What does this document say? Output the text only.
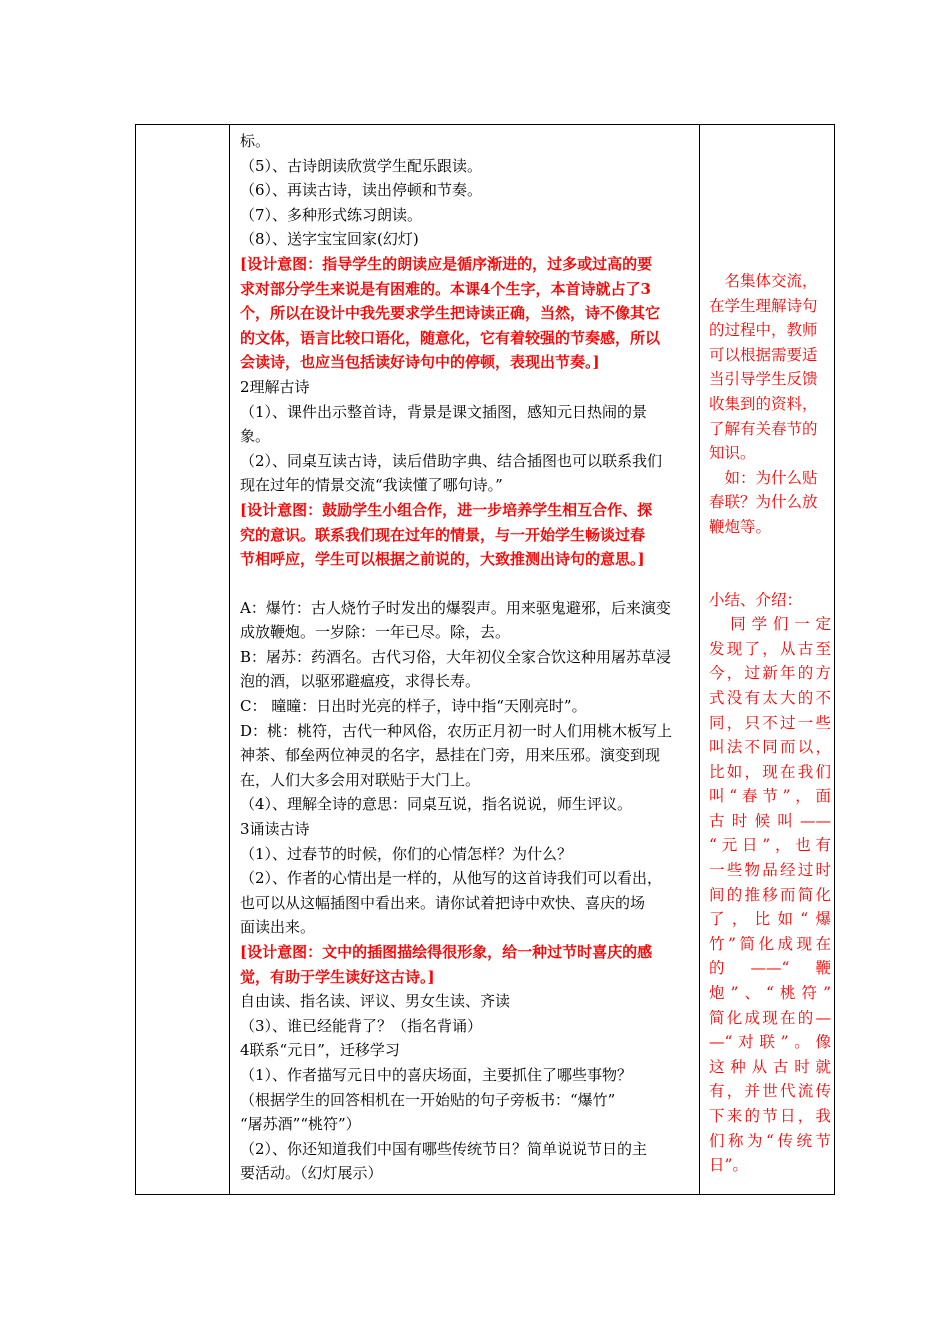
标。
（5）、古诗朗读欣赏学生配乐跟读。
（6）、再读古诗，读出停顿和节奏。
（7）、多种形式练习朗读。
（8）、送字宝宝回家(幻灯)
[设计意图：指导学生的朗读应是循序渐进的，过多或过高的要
求对部分学生来说是有困难的。本课4个生字，本首诗就占了3
个，所以在设计中我先要求学生把诗读正确，当然，诗不像其它
的文体，语言比较口语化，随意化，它有着较强的节奏感，所以
会读诗，也应当包括读好诗句中的停顿，表现出节奏。]
2理解古诗
（1）、课件出示整首诗，背景是课文插图，感知元日热闹的景
象。
（2）、同桌互读古诗，读后借助字典、结合插图也可以联系我们
现在过年的情景交流“我读懂了哪句诗。”
[设计意图：鼓励学生小组合作，进一步培养学生相互合作、探
究的意识。联系我们现在过年的情景，与一开始学生畅谈过春
节相呼应，学生可以根据之前说的，大致推测出诗句的意思。]
A：爆竹：古人烧竹子时发出的爆裂声。用来驱鬼避邪，后来演变
成放鞭炮。一岁除：一年已尽。除，去。
B：屠苏：药酒名。古代习俗，大年初仪全家合饮这种用屠苏草浸
泡的酒，以驱邪避瘟疫，求得长寿。
C： 曈曈：日出时光亮的样子，诗中指“天刚亮时”。
D：桃：桃符，古代一种风俗，农历正月初一时人们用桃木板写上
神茶、郁垒两位神灵的名字，悬挂在门旁，用来压邪。演变到现
在，人们大多会用对联贴于大门上。
（4）、理解全诗的意思：同桌互说，指名说说，师生评议。
3诵读古诗
（1）、过春节的时候，你们的心情怎样？为什么？
（2）、作者的心情出是一样的，从他写的这首诗我们可以看出，
也可以从这幅插图中看出来。请你试着把诗中欢快、喜庆的场
面读出来。
[设计意图：文中的插图描绘得很形象，给一种过节时喜庆的感
觉，有助于学生读好这古诗。]
自由读、指名读、评议、男女生读、齐读
（3）、谁已经能背了？（指名背诵）
4联系“元日”，迁移学习
（1）、作者描写元日中的喜庆场面，主要抓住了哪些事物？
（根据学生的回答相机在一开始贴的句子旁板书：“爆竹”
“屠苏酒”“桃符”）
（2）、你还知道我们中国有哪些传统节日？简单说说节日的主
要活动。（幻灯展示）
　名集体交流，
在学生理解诗句
的过程中，教师
可以根据需要适
当引导学生反馈
收集到的资料，
了解有关春节的
知识。
　如：为什么贴
春联？为什么放
鞭炮等。
小结、介绍：
　同学们一定
发现了，从古至
今，过新年的方
式没有太大的不
同，只不过一些
叫法不同而以，
比如，现在我们
叫“春节”，面
古时候叫——
“元日”，也有
一些物品经过时
间的推移而简化
了，比如“爆
竹”简化成现在
的——“鞭
炮”、“桃符”
简化成现在的—
—“对联”。像
这种从古时就
有，并世代流传
下来的节日，我
们称为“传统节
日”。
